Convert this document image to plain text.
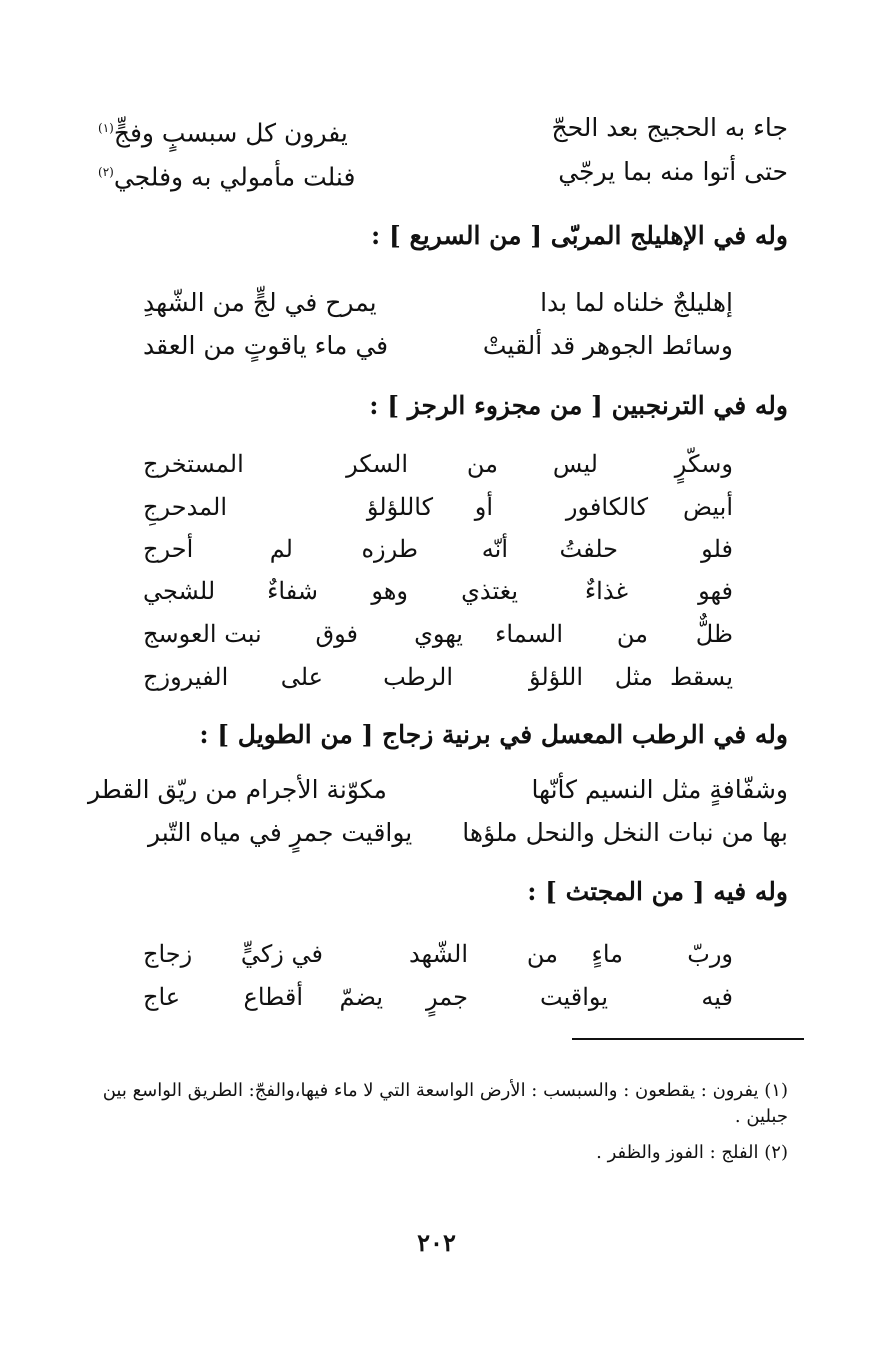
جاء به الحجيج بعد الحجّ
يفرون كل سبسبٍ وفجٍّ$^{(١)}$
حتى أتوا منه بما يرجّي
فنلت مأمولي به وفلجي$^{(٢)}$
وله في الإهليلج المربّى [ من السريع ] :
إهليلجٌ خلناه لما بدا
يمرح في لجٍّ من الشّهدِ
وسائط الجوهر قد ألقيتْ
في ماء ياقوتٍ من العقد
وله في الترنجبين [ من مجزوء الرجز ] :
وسكّرٍ
ليس
من
السكر
المستخرج
أبيض
كالكافور
أو
كاللؤلؤ
المدحرجِ
فلو
حلفتُ
أنّه
طرزه
لم
أحرج
فهو
غذاءٌ
يغتذي
وهو
شفاءٌ
للشجي
ظلٌّ
من
السماء
يهوي
فوق
نبت العوسج
يسقط
مثل
اللؤلؤ
الرطب
على
الفيروزج
وله في الرطب المعسل في برنية زجاج [ من الطويل ] :
وشفّافةٍ مثل النسيم كأنّها
مكوّنة الأجرام من ريّق القطر
بها من نبات النخل والنحل ملؤها
يواقيت جمرٍ في مياه التّبر
وله فيه [ من المجتث ] :
وربّ
ماءٍ
من
الشّهد
في زكيٍّ
زجاج
فيه
يواقيت
جمرٍ
يضمّ
أقطاع
عاج
(١) يفرون : يقطعون : والسبسب : الأرض الواسعة التي لا ماء فيها،والفجّ: الطريق الواسع بين جبلين .
(٢) الفلج : الفوز والظفر .
٢٠٢
